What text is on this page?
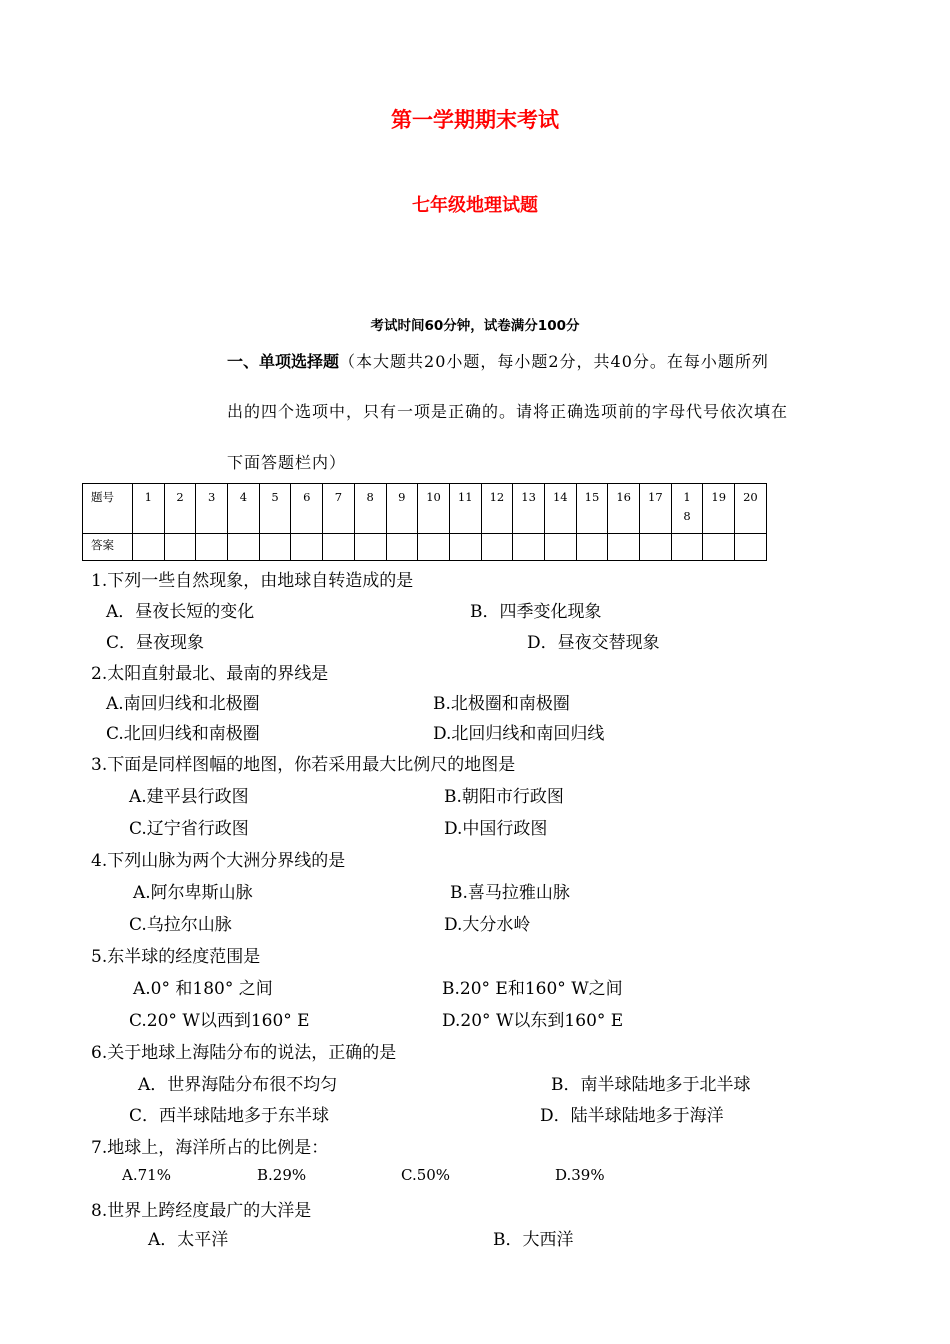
第一学期期末考试
七年级地理试题
考试时间60分钟，试卷满分100分
一、单项选择题（本大题共20小题，每小题2分，共40分。在每小题所列
出的四个选项中，只有一项是正确的。请将正确选项前的字母代号依次填在
下面答题栏内）
题号	1	2	3	4	5	6	7	8	9	10	11	12	13	14	15	16	17	18	19	20
答案																				
1.下列一些自然现象，由地球自转造成的是
A．昼夜长短的变化	B．四季变化现象
C．昼夜现象	D．昼夜交替现象
2.太阳直射最北、最南的界线是
A.南回归线和北极圈	B.北极圈和南极圈
C.北回归线和南极圈	D.北回归线和南回归线
3.下面是同样图幅的地图，你若采用最大比例尺的地图是
A.建平县行政图	B.朝阳市行政图
C.辽宁省行政图	D.中国行政图
4.下列山脉为两个大洲分界线的是
A.阿尔卑斯山脉	B.喜马拉雅山脉
C.乌拉尔山脉	D.大分水岭
5.东半球的经度范围是
A.0° 和180° 之间	B.20° E和160° W之间
C.20° W以西到160° E	D.20° W以东到160° E
6.关于地球上海陆分布的说法，正确的是
A．世界海陆分布很不均匀	B．南半球陆地多于北半球
C．西半球陆地多于东半球	D．陆半球陆地多于海洋
7.地球上，海洋所占的比例是：
A.71%	B.29%	C.50%	D.39%
8.世界上跨经度最广的大洋是
A．太平洋	B．大西洋
